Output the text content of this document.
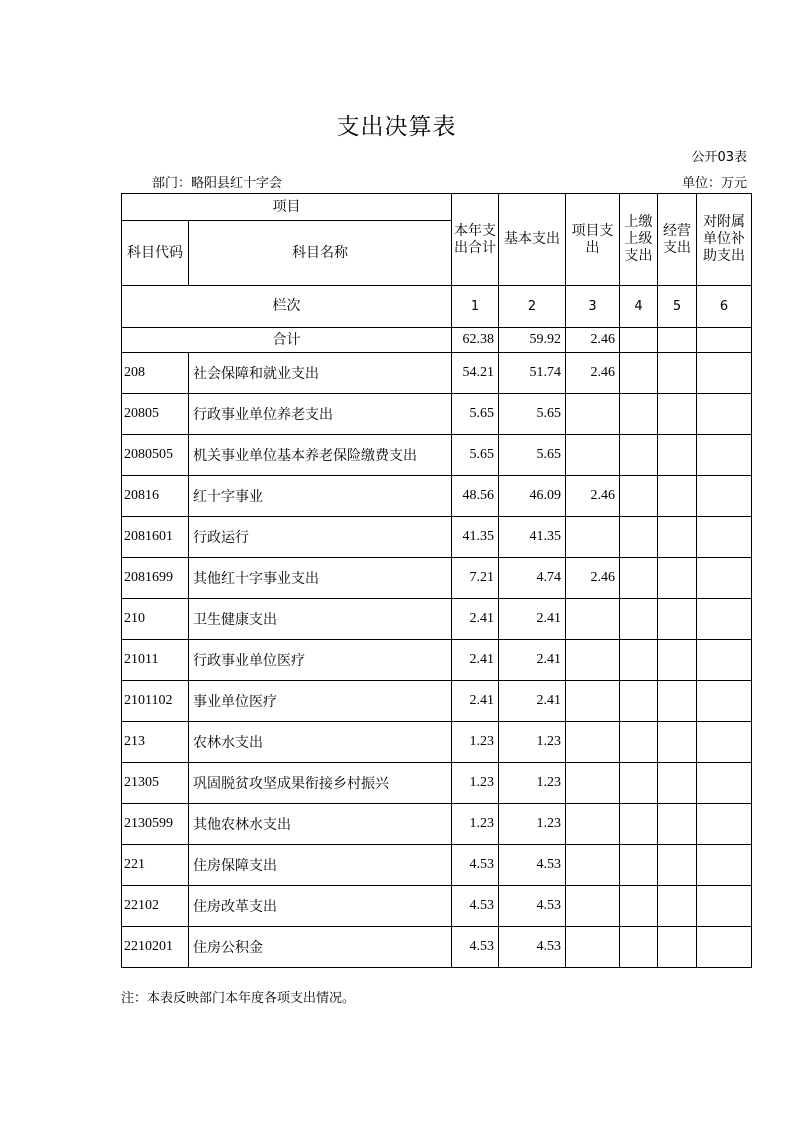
支出决算表
公开03表
部门：略阳县红十字会	单位：万元
项目		本年支出合计	基本支出	项目支出	上缴上级支出	经营支出	对附属单位补助支出
科目代码	科目名称						
栏次		1	2	3	4	5	6
合计		62.38	59.92	2.46			
208	社会保障和就业支出	54.21	51.74	2.46			
20805	行政事业单位养老支出	5.65	5.65				
2080505	机关事业单位基本养老保险缴费支出	5.65	5.65				
20816	红十字事业	48.56	46.09	2.46			
2081601	行政运行	41.35	41.35				
2081699	其他红十字事业支出	7.21	4.74	2.46			
210	卫生健康支出	2.41	2.41				
21011	行政事业单位医疗	2.41	2.41				
2101102	事业单位医疗	2.41	2.41				
213	农林水支出	1.23	1.23				
21305	巩固脱贫攻坚成果衔接乡村振兴	1.23	1.23				
2130599	其他农林水支出	1.23	1.23				
221	住房保障支出	4.53	4.53				
22102	住房改革支出	4.53	4.53				
2210201	住房公积金	4.53	4.53				
注：本表反映部门本年度各项支出情况。
